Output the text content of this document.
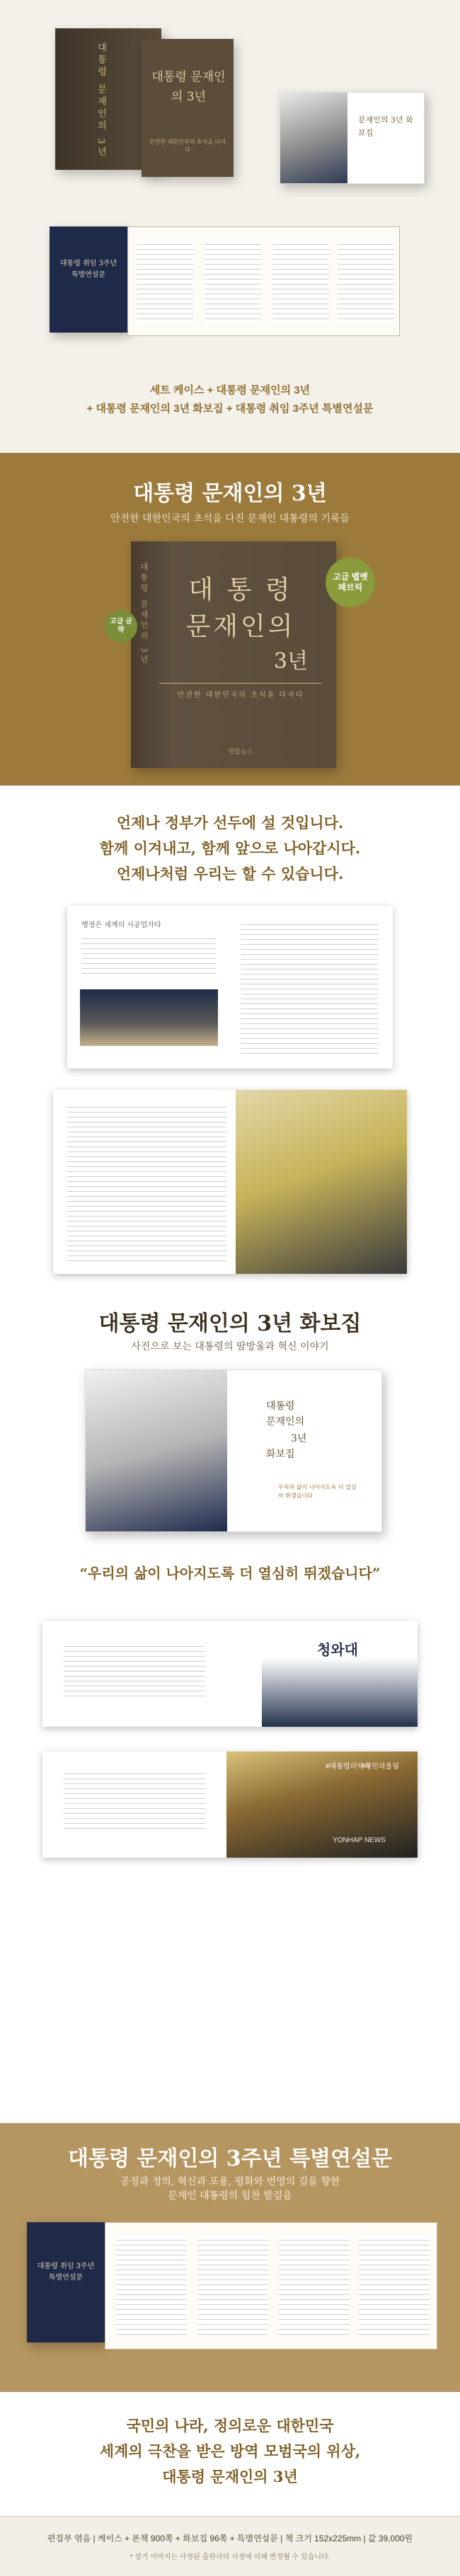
대통령 문재인의 3년	대통령 문재인의 3년
안전한 대한민국의 초석을 다지다
문재인의 3년 화보집
대통령 취임 3주년 특별연설문
세트 케이스 + 대통령 문재인의 3년
+ 대통령 문재인의 3년 화보집 + 대통령 취임 3주년 특별연설문
대통령 문재인의 3년
안전한 대한민국의 초석을 다진 문재인 대통령의 기록들
대통령 문재인의 3년	대 통 령
문재인의
3년
안전한 대한민국의 초석을 다지다
연합뉴스
고급 벨벳 패브릭
고급 금박
언제나 정부가 선두에 설 것입니다.
함께 이겨내고, 함께 앞으로 나아갑시다.
언제나처럼 우리는 할 수 있습니다.
행정은 세계의 시공업자다
대통령 문재인의 3년 화보집
사진으로 보는 대통령의 땀방울과 혁신 이야기
대통령
문재인의
3년
화보집
우리의 삶이 나아지도록 더 열심히 뛰겠습니다
“우리의 삶이 나아지도록 더 열심히 뛰겠습니다”
청와대
#대통령의약속
#국민의울림
YONHAP NEWS
대통령 문재인의 3주년 특별연설문
공정과 정의, 혁신과 포용, 평화와 번영의 길을 향한
문재인 대통령의 힘찬 발걸음
대통령 취임 3주년 특별연설문
국민의 나라, 정의로운 대한민국
세계의 극찬을 받은 방역 모범국의 위상,
대통령 문재인의 3년
편집부 엮음 | 케이스 + 본책 900쪽 + 화보집 96쪽 + 특별연설문 | 책 크기 152x225mm | 값 39,000원
* 상기 이미지는 사정된 출판사의 사정에 의해 변경될 수 있습니다.
